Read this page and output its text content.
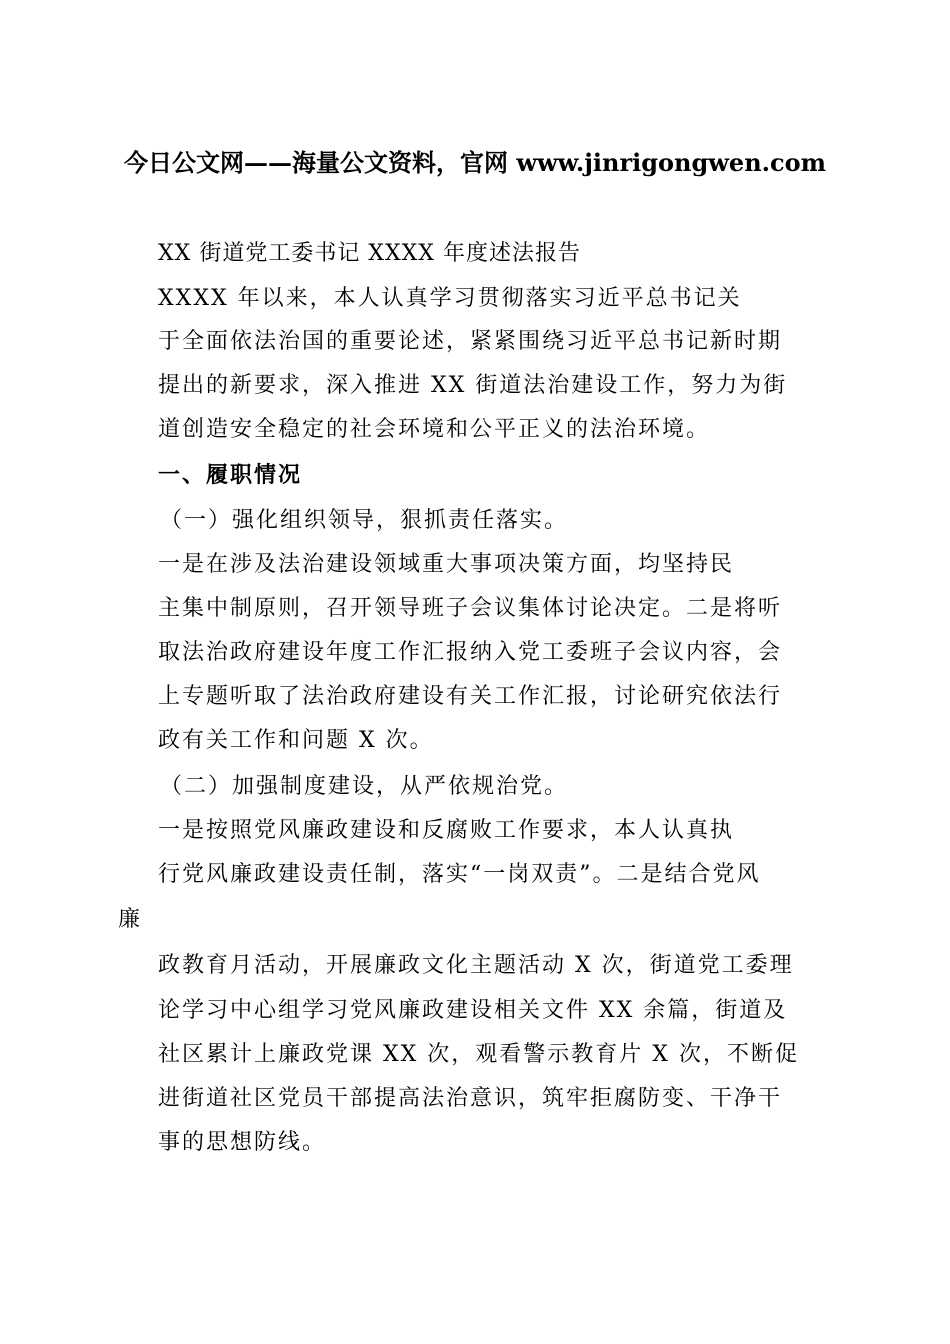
今日公文网——海量公文资料，官网 www.jinrigongwen.com
XX 街道党工委书记 XXXX 年度述法报告
XXXX 年以来，本人认真学习贯彻落实习近平总书记关
于全面依法治国的重要论述，紧紧围绕习近平总书记新时期
提出的新要求，深入推进 XX 街道法治建设工作，努力为街
道创造安全稳定的社会环境和公平正义的法治环境。
一、履职情况
（一）强化组织领导，狠抓责任落实。
一是在涉及法治建设领域重大事项决策方面，均坚持民
主集中制原则，召开领导班子会议集体讨论决定。二是将听
取法治政府建设年度工作汇报纳入党工委班子会议内容，会
上专题听取了法治政府建设有关工作汇报，讨论研究依法行
政有关工作和问题 X 次。
（二）加强制度建设，从严依规治党。
一是按照党风廉政建设和反腐败工作要求，本人认真执
行党风廉政建设责任制，落实“一岗双责”。二是结合党风
廉
政教育月活动，开展廉政文化主题活动 X 次，街道党工委理
论学习中心组学习党风廉政建设相关文件 XX 余篇，街道及
社区累计上廉政党课 XX 次，观看警示教育片 X 次，不断促
进街道社区党员干部提高法治意识，筑牢拒腐防变、干净干
事的思想防线。
